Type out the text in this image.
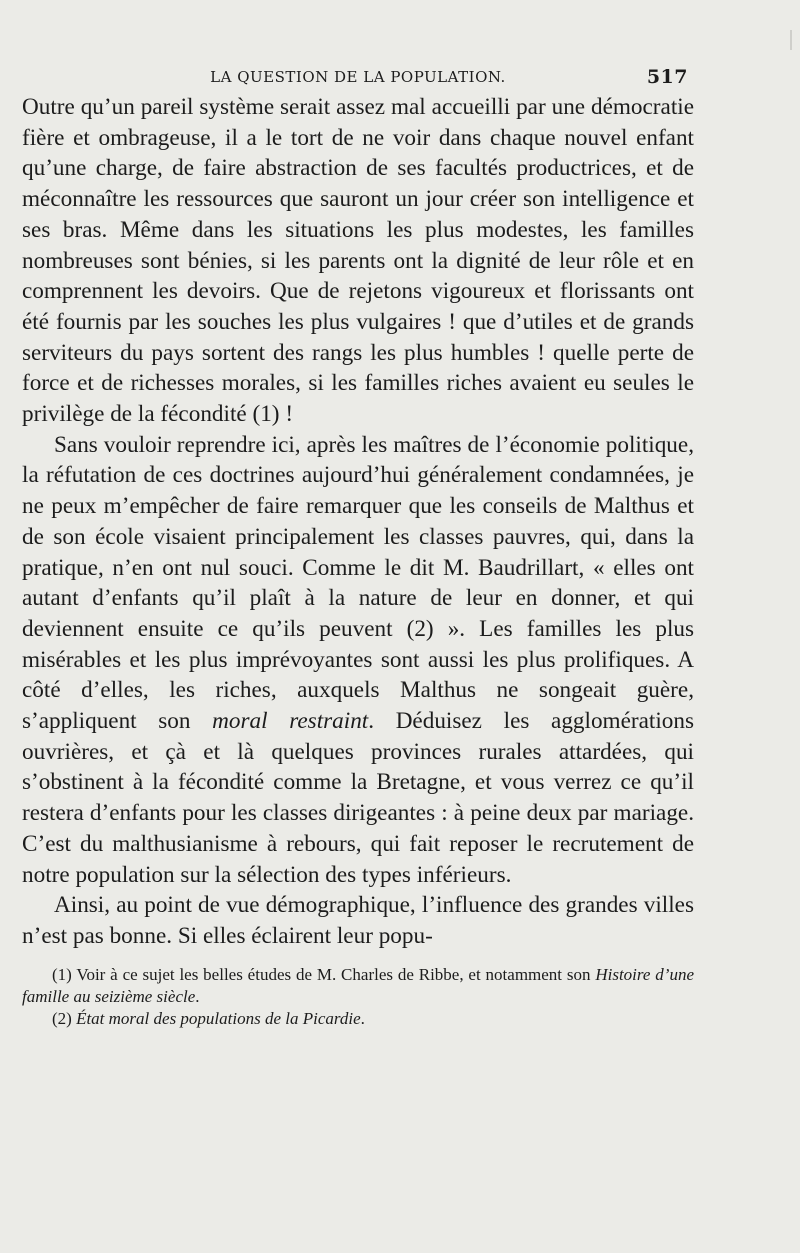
LA QUESTION DE LA POPULATION.	517

Outre qu’un pareil système serait assez mal accueilli par une démocratie fière et ombrageuse, il a le tort de ne voir dans chaque nouvel enfant qu’une charge, de faire abstraction de ses facultés productrices, et de méconnaître les ressources que sauront un jour créer son intelligence et ses bras. Même dans les situations les plus modestes, les familles nombreuses sont bénies, si les parents ont la dignité de leur rôle et en comprennent les devoirs. Que de rejetons vigoureux et florissants ont été fournis par les souches les plus vulgaires ! que d’utiles et de grands serviteurs du pays sortent des rangs les plus humbles ! quelle perte de force et de richesses morales, si les familles riches avaient eu seules le privilège de la fécondité (1) !

Sans vouloir reprendre ici, après les maîtres de l’économie politique, la réfutation de ces doctrines aujourd’hui généralement condamnées, je ne peux m’empêcher de faire remarquer que les conseils de Malthus et de son école visaient principalement les classes pauvres, qui, dans la pratique, n’en ont nul souci. Comme le dit M. Baudrillart, « elles ont autant d’enfants qu’il plaît à la nature de leur en donner, et qui deviennent ensuite ce qu’ils peuvent (2) ». Les familles les plus misérables et les plus imprévoyantes sont aussi les plus prolifiques. A côté d’elles, les riches, auxquels Malthus ne songeait guère, s’appliquent son moral restraint. Déduisez les agglomérations ouvrières, et çà et là quelques provinces rurales attardées, qui s’obstinent à la fécondité comme la Bretagne, et vous verrez ce qu’il restera d’enfants pour les classes dirigeantes : à peine deux par mariage. C’est du malthusianisme à rebours, qui fait reposer le recrutement de notre population sur la sélection des types inférieurs.

Ainsi, au point de vue démographique, l’influence des grandes villes n’est pas bonne. Si elles éclairent leur popu-

(1) Voir à ce sujet les belles études de M. Charles de Ribbe, et notamment son Histoire d’une famille au seizième siècle.

(2) État moral des populations de la Picardie.
